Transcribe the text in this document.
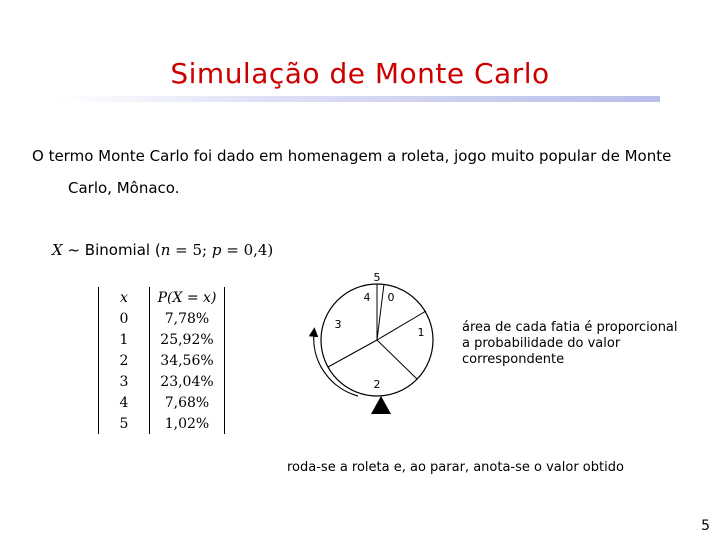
Simulação de Monte Carlo
O termo Monte Carlo foi dado em homenagem a roleta, jogo muito popular de Monte
Carlo, Mônaco.
X ~ Binomial (n = 5; p = 0,4)
x	P(X = x)
0	7,78%
1	25,92%
2	34,56%
3	23,04%
4	7,68%
5	1,02%
5
4 0
3
1
2
área de cada fatia é proporcional a probabilidade do valor correspondente
roda-se a roleta e, ao parar, anota-se o valor obtido
5
